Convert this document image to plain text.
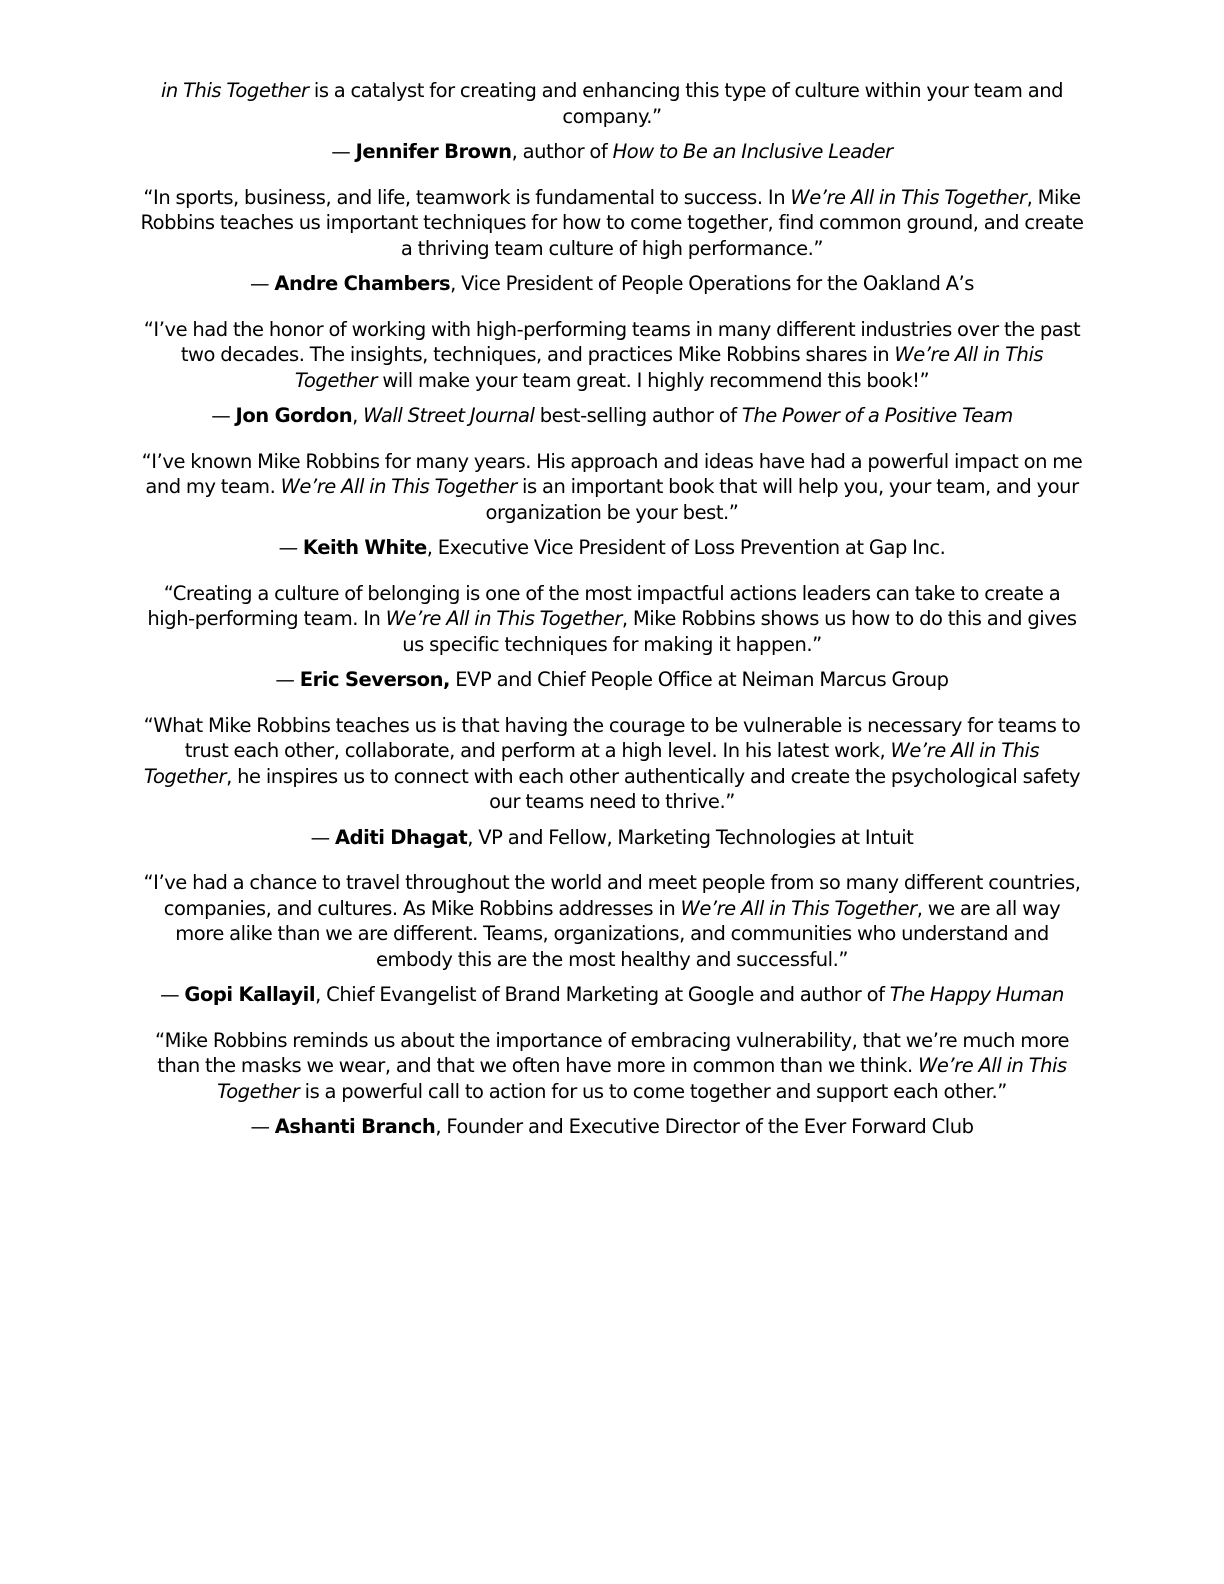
in This Together is a catalyst for creating and enhancing this type of culture within your team and company.”

— Jennifer Brown, author of How to Be an Inclusive Leader

“In sports, business, and life, teamwork is fundamental to success. In We’re All in This Together, Mike Robbins teaches us important techniques for how to come together, find common ground, and create a thriving team culture of high performance.”

— Andre Chambers, Vice President of People Operations for the Oakland A’s

“I’ve had the honor of working with high-performing teams in many different industries over the past two decades. The insights, techniques, and practices Mike Robbins shares in We’re All in This Together will make your team great. I highly recommend this book!”

— Jon Gordon, Wall Street Journal best-selling author of The Power of a Positive Team

“I’ve known Mike Robbins for many years. His approach and ideas have had a powerful impact on me and my team. We’re All in This Together is an important book that will help you, your team, and your organization be your best.”

— Keith White, Executive Vice President of Loss Prevention at Gap Inc.

“Creating a culture of belonging is one of the most impactful actions leaders can take to create a high-performing team. In We’re All in This Together, Mike Robbins shows us how to do this and gives us specific techniques for making it happen.”

— Eric Severson, EVP and Chief People Office at Neiman Marcus Group

“What Mike Robbins teaches us is that having the courage to be vulnerable is necessary for teams to trust each other, collaborate, and perform at a high level. In his latest work, We’re All in This Together, he inspires us to connect with each other authentically and create the psychological safety our teams need to thrive.”

— Aditi Dhagat, VP and Fellow, Marketing Technologies at Intuit

“I’ve had a chance to travel throughout the world and meet people from so many different countries, companies, and cultures. As Mike Robbins addresses in We’re All in This Together, we are all way more alike than we are different. Teams, organizations, and communities who understand and embody this are the most healthy and successful.”

— Gopi Kallayil, Chief Evangelist of Brand Marketing at Google and author of The Happy Human

“Mike Robbins reminds us about the importance of embracing vulnerability, that we’re much more than the masks we wear, and that we often have more in common than we think. We’re All in This Together is a powerful call to action for us to come together and support each other.”

— Ashanti Branch, Founder and Executive Director of the Ever Forward Club
